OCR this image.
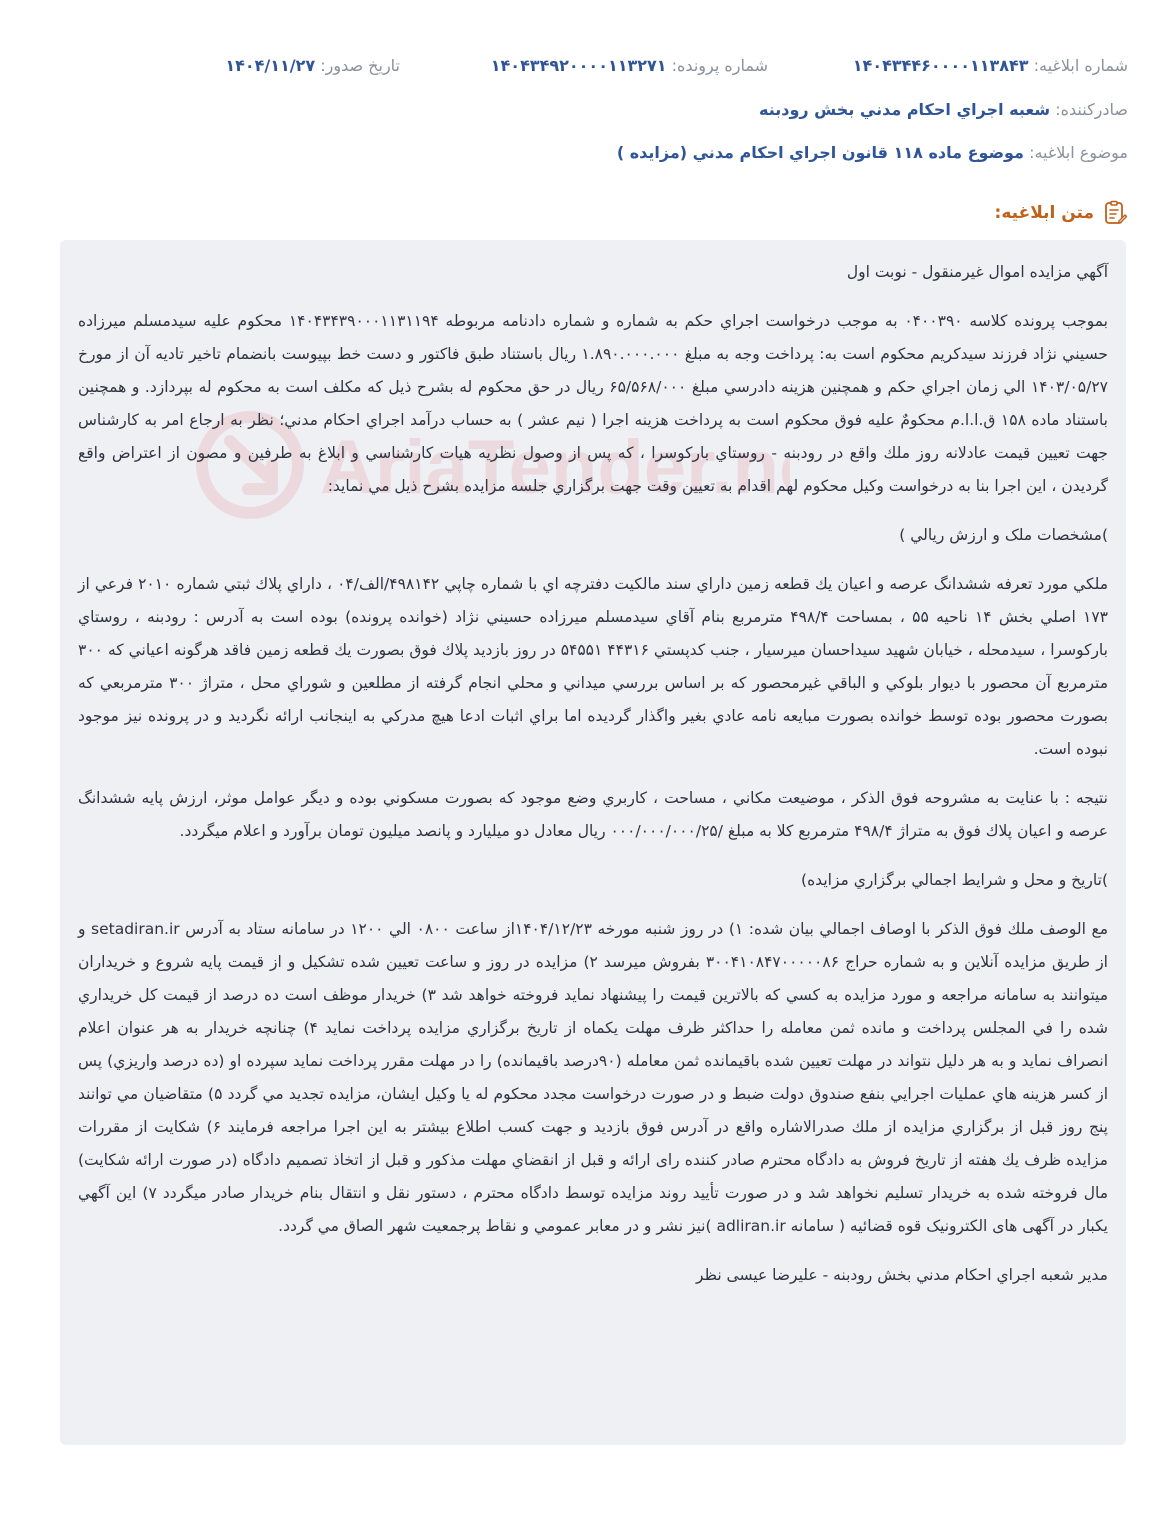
شماره ابلاغيه: ۱۴۰۴۳۴۴۶۰۰۰۰۱۱۳۸۴۳
شماره پرونده: ۱۴۰۴۳۴۹۲۰۰۰۰۱۱۳۲۷۱
تاريخ صدور: ۱۴۰۴/۱۱/۲۷
صادرکننده: شعبه اجراي احكام مدني بخش رودبنه
موضوع ابلاغيه: موضوع ماده ۱۱۸ قانون اجراي احكام مدني (مزايده )
متن ابلاغیه:
AriaTender.n

آگهي مزايده اموال غيرمنقول - نوبت اول

بموجب پرونده کلاسه ۰۴۰۰۳۹۰ به موجب درخواست اجراي حکم به شماره و شماره دادنامه مربوطه ۱۴۰۴۳۴۳۹۰۰۰۱۱۳۱۱۹۴ محكوم عليه سيدمسلم ميرزاده حسيني نژاد فرزند سيدكريم محكوم است به: پرداخت وجه به مبلغ ۱.۸۹۰.۰۰۰.۰۰۰ ريال باستناد طبق فاكتور و دست خط بپيوست بانضمام تاخير تاديه آن از مورخ ۱۴۰۳/۰۵/۲۷ الي زمان اجراي حكم و همچنين هزينه دادرسي مبلغ ۶۵/۵۶۸/۰۰۰ ريال در حق محكوم له بشرح ذيل كه مكلف است به محكوم له بپردازد. و همچنين باستناد ماده ۱۵۸ ق.ا.ا.م محكومٌ عليه فوق محكوم است به پرداخت هزينه اجرا ( نيم عشر ) به حساب درآمد اجراي احكام مدني؛ نظر به ارجاع امر به كارشناس جهت تعيين قيمت عادلانه روز ملك واقع در رودبنه - روستاي باركوسرا ، كه پس از وصول نظريه هيات كارشناسي و ابلاغ به طرفين و مصون از اعتراض واقع گرديدن ، اين اجرا بنا به درخواست وكيل محكوم لهم اقدام به تعيين وقت جهت برگزاري جلسه مزايده بشرح ذيل مي نمايد:

)مشخصات ملک و ارزش ريالي )

ملكي مورد تعرفه ششدانگ عرصه و اعيان يك قطعه زمين داراي سند مالكيت دفترچه اي با شماره چاپي ۴۹۸۱۴۲/الف/۰۴ ، داراي پلاك ثبتي شماره ۲۰۱۰ فرعي از ۱۷۳ اصلي بخش ۱۴ ناحيه ۵۵ ، بمساحت ۴۹۸/۴ مترمربع بنام آقاي سيدمسلم ميرزاده حسيني نژاد (خوانده پرونده) بوده است به آدرس : رودبنه ، روستاي باركوسرا ، سيدمحله ، خيابان شهيد سيداحسان ميرسيار ، جنب كدپستي ۴۴۳۱۶ ۵۴۵۵۱ در روز بازديد پلاك فوق بصورت يك قطعه زمين فاقد هرگونه اعياني كه ۳۰۰ مترمربع آن محصور با ديوار بلوكي و الباقي غيرمحصور كه بر اساس بررسي ميداني و محلي انجام گرفته از مطلعين و شوراي محل ، متراژ ۳۰۰ مترمربعي كه بصورت محصور بوده توسط خوانده بصورت مبايعه نامه عادي بغير واگذار گرديده اما براي اثبات ادعا هيچ مدركي به اينجانب ارائه نگرديد و در پرونده نيز موجود نبوده است.

نتيجه : با عنايت به مشروحه فوق الذكر ، موضيعت مكاني ، مساحت ، كاربري وضع موجود كه بصورت مسكوني بوده و ديگر عوامل موثر، ارزش پايه ششدانگ عرصه و اعيان پلاك فوق به متراژ ۴۹۸/۴ مترمربع كلا به مبلغ /۰۰۰/۰۰۰/۰۰۰/۲۵ ريال معادل دو ميليارد و پانصد ميليون تومان برآورد و اعلام ميگردد.

)تاريخ و محل و شرايط اجمالي برگزاري مزايده)

مع الوصف ملك فوق الذكر با اوصاف اجمالي بيان شده: ۱) در روز شنبه مورخه ۱۴۰۴/۱۲/۲۳از ساعت ۰۸۰۰ الي ۱۲۰۰ در سامانه ستاد به آدرس setadiran.ir و از طريق مزايده آنلاين و به شماره حراج ۳۰۰۴۱۰۸۴۷۰۰۰۰۰۸۶ بفروش ميرسد ۲) مزايده در روز و ساعت تعيين شده تشكيل و از قيمت پايه شروع و خريداران ميتوانند به سامانه مراجعه و مورد مزايده به كسي كه بالاترين قيمت را پيشنهاد نمايد فروخته خواهد شد ۳) خريدار موظف است ده درصد از قيمت كل خريداري شده را في المجلس پرداخت و مانده ثمن معامله را حداكثر ظرف مهلت يكماه از تاريخ برگزاري مزايده پرداخت نمايد ۴) چنانچه خريدار به هر عنوان اعلام انصراف نمايد و به هر دليل نتواند در مهلت تعيين شده باقيمانده ثمن معامله (۹۰درصد باقيمانده) را در مهلت مقرر پرداخت نمايد سپرده او (ده درصد واريزي) پس از كسر هزينه هاي عمليات اجرايي بنفع صندوق دولت ضبط و در صورت درخواست مجدد محكوم له يا وكيل ايشان، مزايده تجديد مي گردد ۵) متقاضيان مي توانند پنج روز قبل از برگزاري مزايده از ملك صدرالاشاره واقع در آدرس فوق بازديد و جهت كسب اطلاع بيشتر به اين اجرا مراجعه فرمايند ۶) شكايت از مقررات مزايده ظرف يك هفته از تاريخ فروش به دادگاه محترم صادر كننده رای ارائه و قبل از انقضاي مهلت مذكور و قبل از اتخاذ تصميم دادگاه (در صورت ارائه شكايت) مال فروخته شده به خريدار تسليم نخواهد شد و در صورت تأييد روند مزايده توسط دادگاه محترم ، دستور نقل و انتقال بنام خريدار صادر ميگردد ۷) اين آگهي يكبار در آگهی های الكترونيک قوه قضائيه ( سامانه adliran.ir )نيز نشر و در معابر عمومي و نقاط پرجمعيت شهر الصاق مي گردد.

مدير شعبه اجراي احكام مدني بخش رودبنه - عليرضا عيسى نظر
